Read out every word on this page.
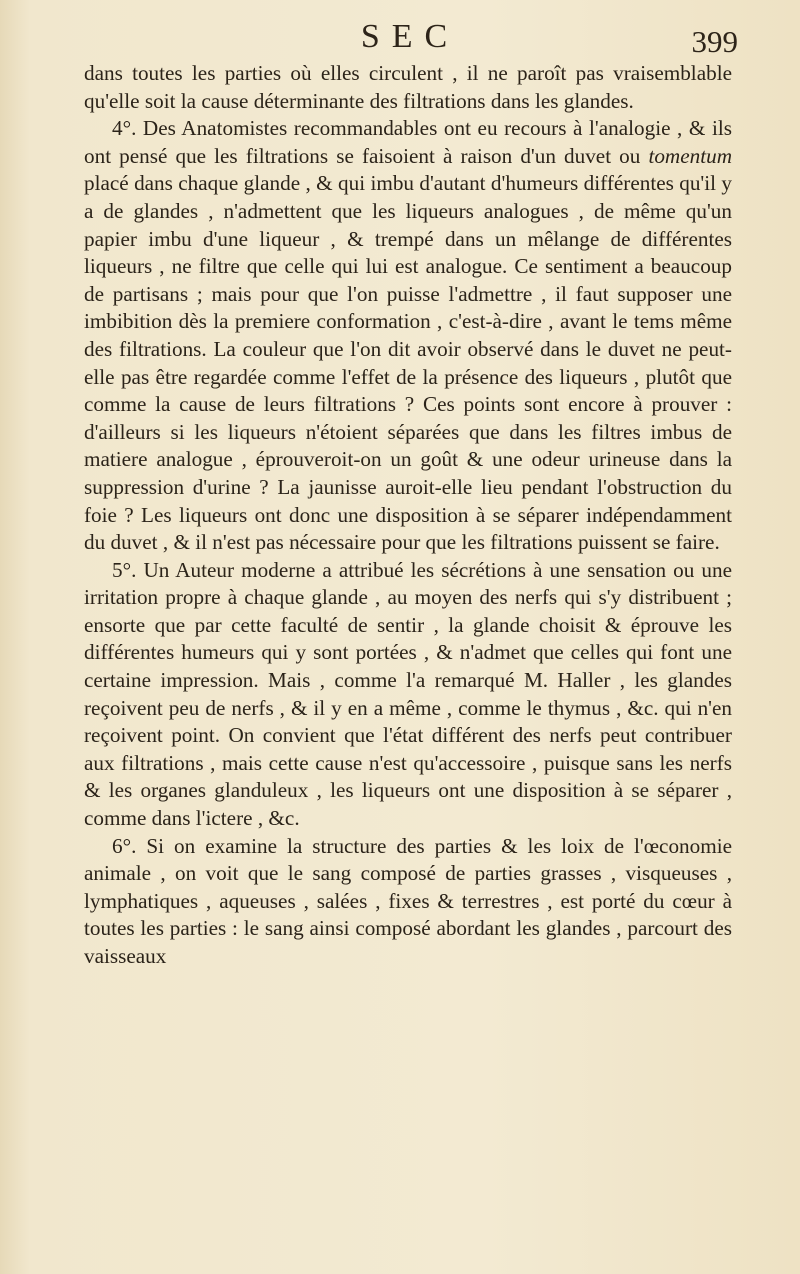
SEC	399

dans toutes les parties où elles circulent , il ne paroît pas vraisemblable qu'elle soit la cause déterminante des filtrations dans les glandes.

4°. Des Anatomistes recommandables ont eu recours à l'analogie , & ils ont pensé que les filtrations se faisoient à raison d'un duvet ou tomentum placé dans chaque glande , & qui imbu d'autant d'humeurs différentes qu'il y a de glandes , n'admettent que les liqueurs analogues , de même qu'un papier imbu d'une liqueur , & trempé dans un mêlange de différentes liqueurs , ne filtre que celle qui lui est analogue. Ce sentiment a beaucoup de partisans ; mais pour que l'on puisse l'admettre , il faut supposer une imbibition dès la premiere conformation , c'est-à-dire , avant le tems même des filtrations. La couleur que l'on dit avoir observé dans le duvet ne peut-elle pas être regardée comme l'effet de la présence des liqueurs , plutôt que comme la cause de leurs filtrations ? Ces points sont encore à prouver : d'ailleurs si les liqueurs n'étoient séparées que dans les filtres imbus de matiere analogue , éprouveroit-on un goût & une odeur urineuse dans la suppression d'urine ? La jaunisse auroit-elle lieu pendant l'obstruction du foie ? Les liqueurs ont donc une disposition à se séparer indépendamment du duvet , & il n'est pas nécessaire pour que les filtrations puissent se faire.

5°. Un Auteur moderne a attribué les sécrétions à une sensation ou une irritation propre à chaque glande , au moyen des nerfs qui s'y distribuent ; ensorte que par cette faculté de sentir , la glande choisit & éprouve les différentes humeurs qui y sont portées , & n'admet que celles qui font une certaine impression. Mais , comme l'a remarqué M. Haller , les glandes reçoivent peu de nerfs , & il y en a même , comme le thymus , &c. qui n'en reçoivent point. On convient que l'état différent des nerfs peut contribuer aux filtrations , mais cette cause n'est qu'accessoire , puisque sans les nerfs & les organes glanduleux , les liqueurs ont une disposition à se séparer , comme dans l'ictere , &c.

6°. Si on examine la structure des parties & les loix de l'œconomie animale , on voit que le sang composé de parties grasses , visqueuses , lymphatiques , aqueuses , salées , fixes & terrestres , est porté du cœur à toutes les parties : le sang ainsi composé abordant les glandes , parcourt des vaisseaux
